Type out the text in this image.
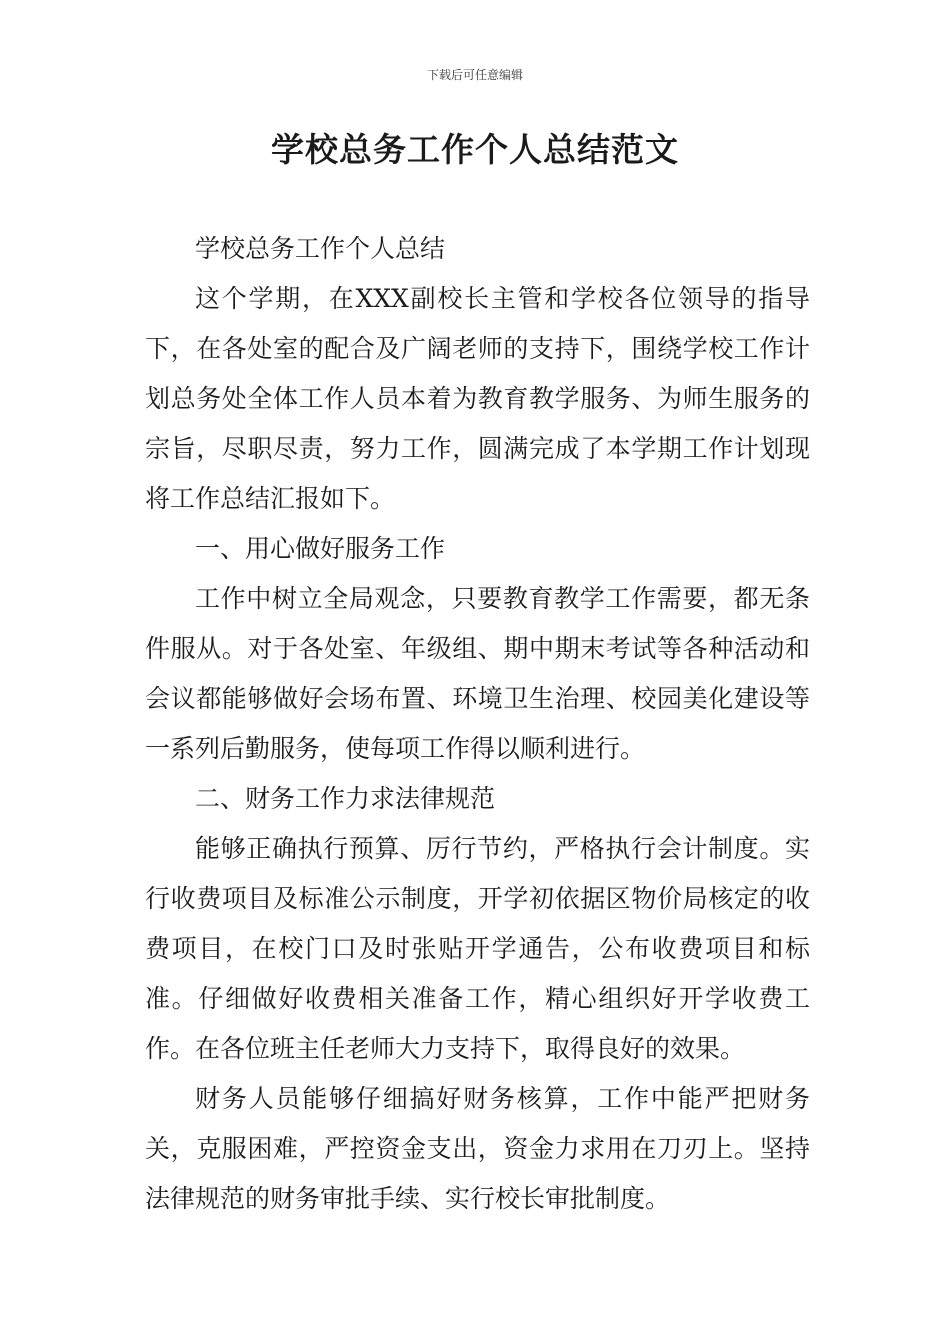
下载后可任意编辑
学校总务工作个人总结范文

学校总务工作个人总结

这个学期，在XXX副校长主管和学校各位领导的指导下，在各处室的配合及广阔老师的支持下，围绕学校工作计划总务处全体工作人员本着为教育教学服务、为师生服务的宗旨，尽职尽责，努力工作，圆满完成了本学期工作计划现将工作总结汇报如下。

一、用心做好服务工作

工作中树立全局观念，只要教育教学工作需要，都无条件服从。对于各处室、年级组、期中期末考试等各种活动和会议都能够做好会场布置、环境卫生治理、校园美化建设等一系列后勤服务，使每项工作得以顺利进行。

二、财务工作力求法律规范

能够正确执行预算、厉行节约，严格执行会计制度。实行收费项目及标准公示制度，开学初依据区物价局核定的收费项目，在校门口及时张贴开学通告，公布收费项目和标准。仔细做好收费相关准备工作，精心组织好开学收费工作。在各位班主任老师大力支持下，取得良好的效果。

财务人员能够仔细搞好财务核算，工作中能严把财务关，克服困难，严控资金支出，资金力求用在刀刃上。坚持法律规范的财务审批手续、实行校长审批制度。
